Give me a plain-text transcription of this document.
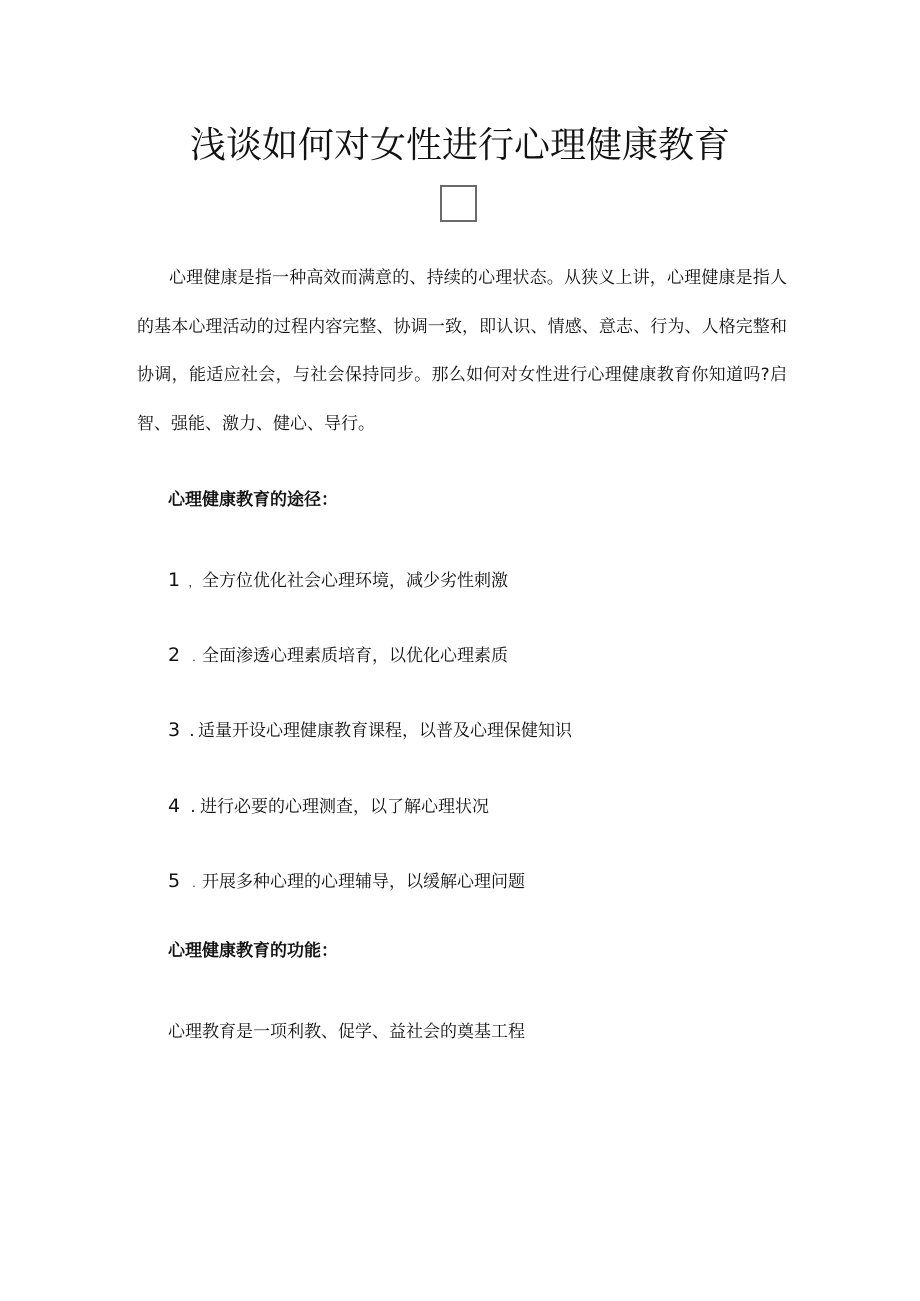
浅谈如何对女性进行心理健康教育

心理健康是指一种高效而满意的、持续的心理状态。从狭义上讲，心理健康是指人的基本心理活动的过程内容完整、协调一致，即认识、情感、意志、行为、人格完整和协调，能适应社会，与社会保持同步。那么如何对女性进行心理健康教育你知道吗?启智、强能、激力、健心、导行。

心理健康教育的途径：

1 ， 全方位优化社会心理环境，减少劣性刺激

2 . 全面渗透心理素质培育，以优化心理素质

3 . 适量开设心理健康教育课程，以普及心理保健知识

4 . 进行必要的心理测查，以了解心理状况

5 . 开展多种心理的心理辅导，以缓解心理问题

心理健康教育的功能：

心理教育是一项利教、促学、益社会的奠基工程
